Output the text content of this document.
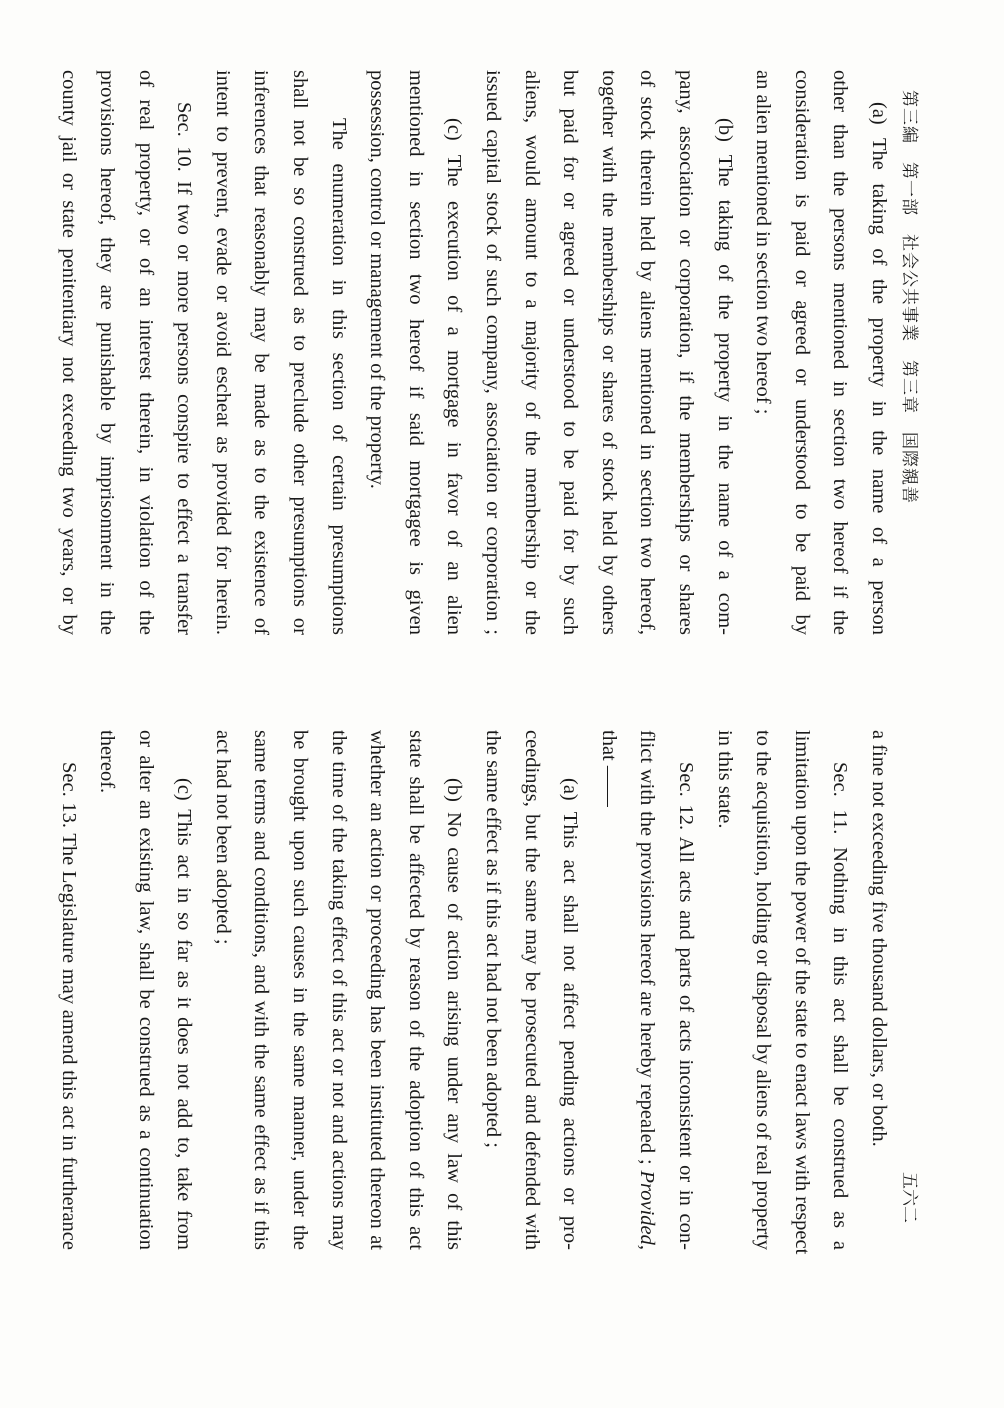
第三編　第一部　社会公共事業　第三章　国際親善
五六二
(a) The taking of the property in the name of a person
other than the persons mentioned in section two hereof if the
consideration is paid or agreed or understood to be paid by
an alien mentioned in section two hereof ;
(b) The taking of the property in the name of a com-
pany, association or corporation, if the memberships or shares
of stock therein held by aliens mentioned in section two hereof,
together with the memberships or shares of stock held by others
but paid for or agreed or understood to be paid for by such
aliens, would amount to a majority of the membership or the
issued capital stock of such company, association or corporation ;
(c) The execution of a mortgage in favor of an alien
mentioned in section two hereof if said mortgagee is given
possession, control or management of the property.
The enumeration in this section of certain presumptions
shall not be so construed as to preclude other presumptions or
inferences that reasonably may be made as to the existence of
intent to prevent, evade or avoid escheat as provided for herein.
Sec. 10. If two or more persons conspire to effect a transfer
of real property, or of an interest therein, in violation of the
provisions hereof, they are punishable by imprisonment in the
county jail or state penitentiary not exceeding two years, or by
a fine not exceeding five thousand dollars, or both.
Sec. 11. Nothing in this act shall be construed as a
limitation upon the power of the state to enact laws with respect
to the acquisition, holding or disposal by aliens of real property
in this state.
Sec. 12. All acts and parts of acts inconsistent or in con-
flict with the provisions hereof are hereby repealed ; Provided,
that ——
(a) This act shall not affect pending actions or pro-
ceedings, but the same may be prosecuted and defended with
the same effect as if this act had not been adopted ;
(b) No cause of action arising under any law of this
state shall be affected by reason of the adoption of this act
whether an action or proceeding has been instituted thereon at
the time of the taking effect of this act or not and actions may
be brought upon such causes in the same manner, under the
same terms and conditions, and with the same effect as if this
act had not been adopted ;
(c) This act in so far as it does not add to, take from
or alter an existing law, shall be construed as a continuation
thereof.
Sec. 13. The Legislature may amend this act in furtherance
